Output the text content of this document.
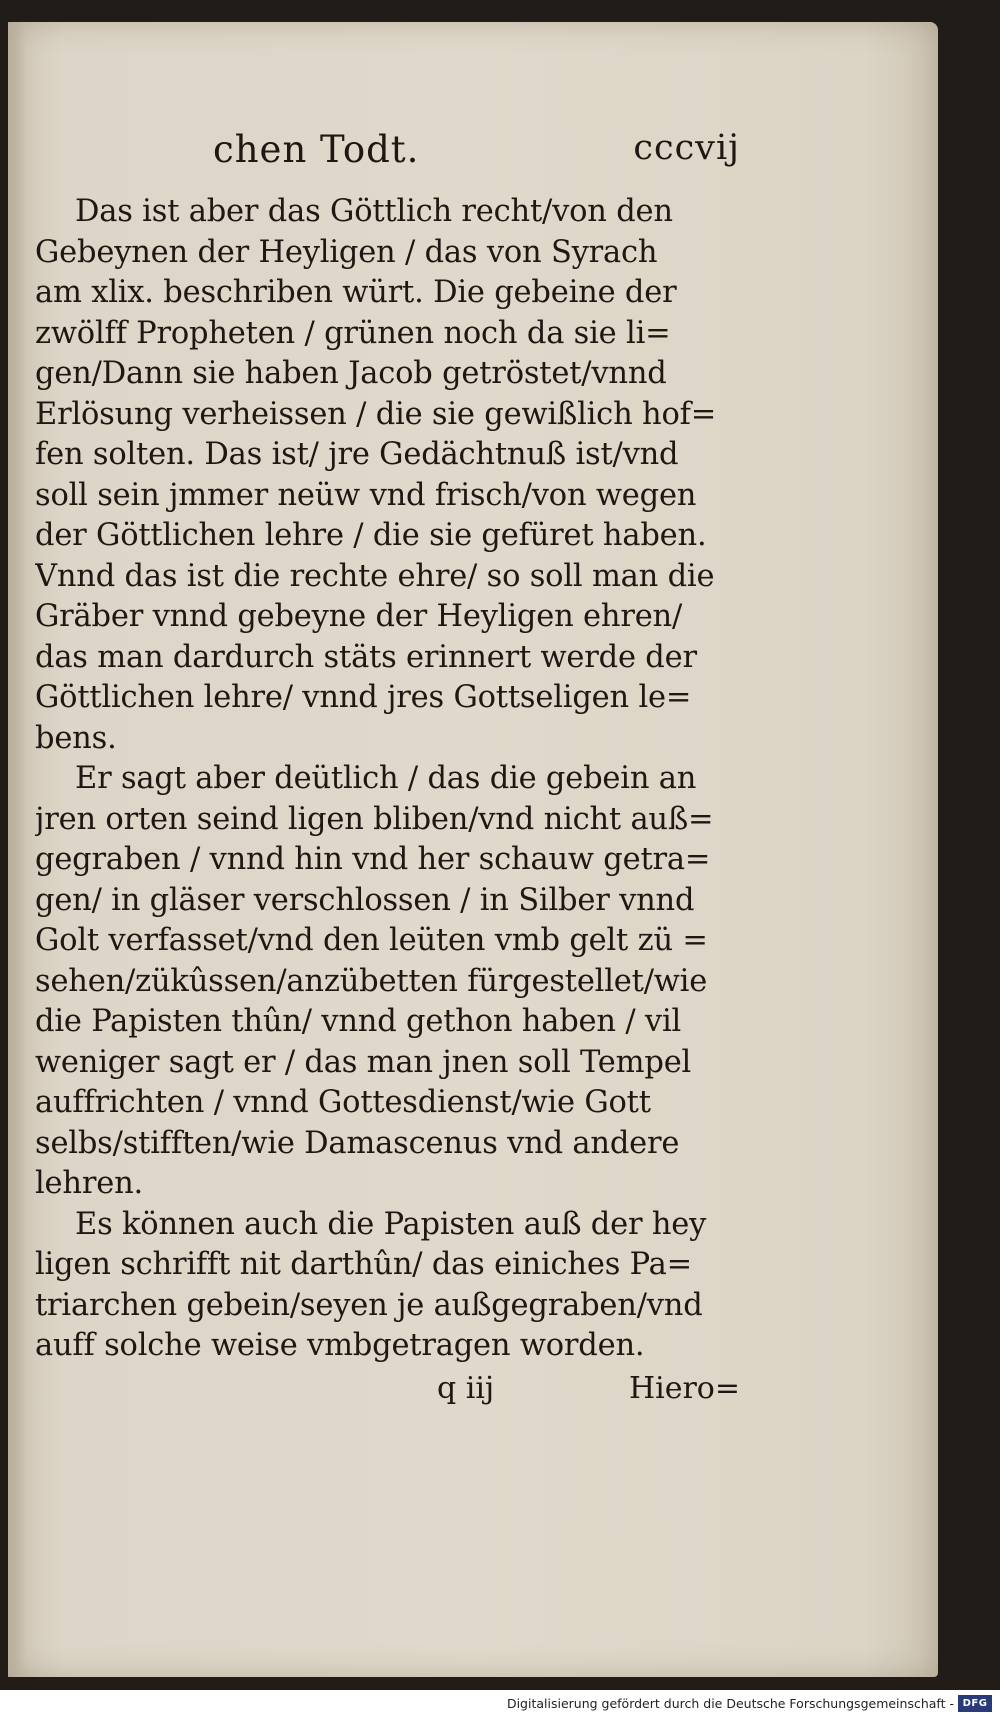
chen Todt.	cccvij
Das ist aber das Göttlich recht/von den
Gebeynen der Heyligen / das von Syrach
am xlix. beschriben würt. Die gebeine der
zwölff Propheten / grünen noch da sie li=
gen/Dann sie haben Jacob getröstet/vnnd
Erlösung verheissen / die sie gewißlich hof=
fen solten. Das ist/ jre Gedächtnuß ist/vnd
soll sein jmmer neüw vnd frisch/von wegen
der Göttlichen lehre / die sie gefüret haben.
Vnnd das ist die rechte ehre/ so soll man die
Gräber vnnd gebeyne der Heyligen ehren/
das man dardurch stäts erinnert werde der
Göttlichen lehre/ vnnd jres Gottseligen le=
bens.
Er sagt aber deütlich / das die gebein an
jren orten seind ligen bliben/vnd nicht auß=
gegraben / vnnd hin vnd her schauw getra=
gen/ in gläser verschlossen / in Silber vnnd
Golt verfasset/vnd den leüten vmb gelt zü =
sehen/zükûssen/anzübetten fürgestellet/wie
die Papisten thûn/ vnnd gethon haben / vil
weniger sagt er / das man jnen soll Tempel
auffrichten / vnnd Gottesdienst/wie Gott
selbs/stifften/wie Damascenus vnd andere
lehren.
Es können auch die Papisten auß der hey
ligen schrifft nit darthûn/ das einiches Pa=
triarchen gebein/seyen je außgegraben/vnd
auff solche weise vmbgetragen worden.
q iij	Hiero=
Digitalisierung gefördert durch die Deutsche Forschungsgemeinschaft - DFG
